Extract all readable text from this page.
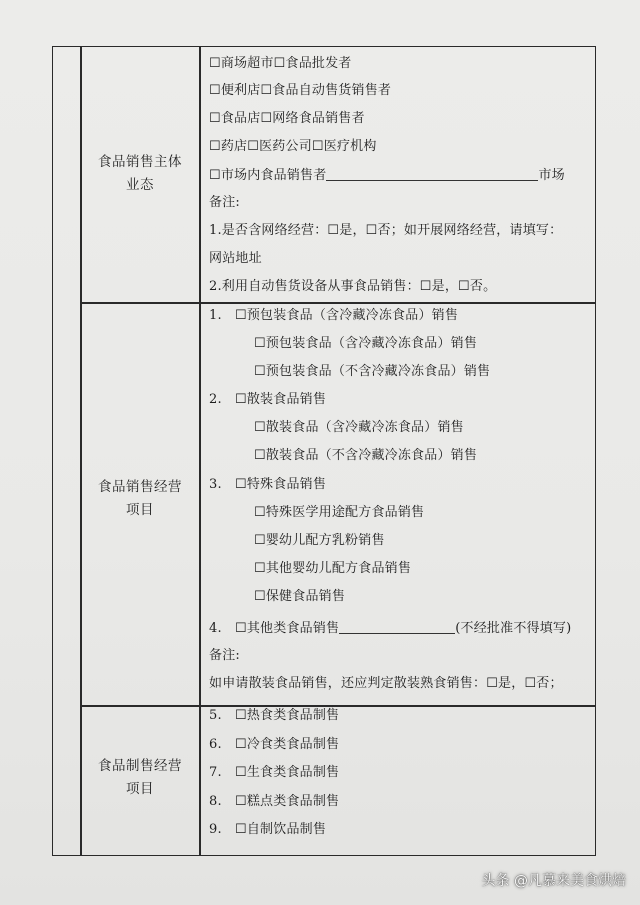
食品销售主体
业态
☐商场超市☐食品批发者
☐便利店☐食品自动售货销售者
☐食品店☐网络食品销售者
☐药店☐医药公司☐医疗机构
☐市场内食品销售者	市场
备注:
1.是否含网络经营：☐是，☐否；如开展网络经营，请填写：
网站地址
2.利用自动售货设备从事食品销售：☐是，☐否。
食品销售经营
项目
1. ☐预包装食品（含冷藏冷冻食品）销售
☐预包装食品（含冷藏冷冻食品）销售
☐预包装食品（不含冷藏冷冻食品）销售
2. ☐散装食品销售
☐散装食品（含冷藏冷冻食品）销售
☐散装食品（不含冷藏冷冻食品）销售
3. ☐特殊食品销售
☐特殊医学用途配方食品销售
☐婴幼儿配方乳粉销售
☐其他婴幼儿配方食品销售
☐保健食品销售
4. ☐其他类食品销售	(不经批准不得填写)
备注:
如申请散装食品销售，还应判定散装熟食销售：☐是，☐否；
食品制售经营
项目
5. ☐热食类食品制售
6. ☐冷食类食品制售
7. ☐生食类食品制售
8. ☐糕点类食品制售
9. ☐自制饮品制售
头条 @凡慕来美食烘焙
